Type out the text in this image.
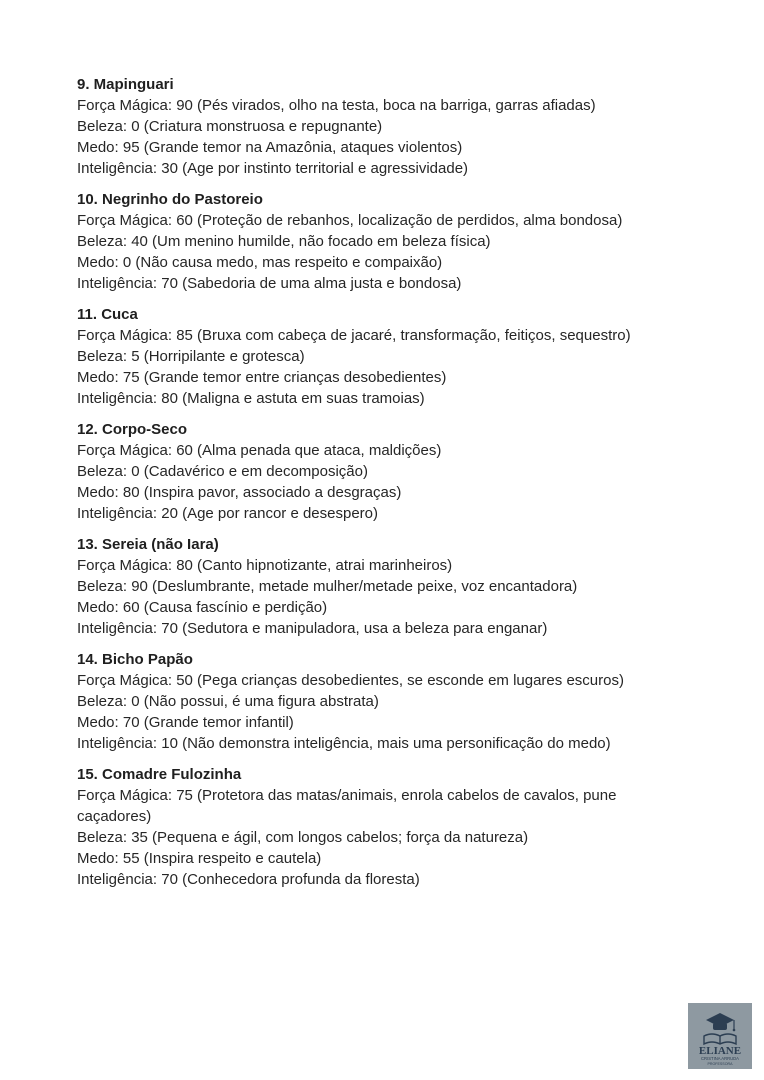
9. Mapinguari
Força Mágica: 90 (Pés virados, olho na testa, boca na barriga, garras afiadas)
Beleza: 0 (Criatura monstruosa e repugnante)
Medo: 95 (Grande temor na Amazônia, ataques violentos)
Inteligência: 30 (Age por instinto territorial e agressividade)
10. Negrinho do Pastoreio
Força Mágica: 60 (Proteção de rebanhos, localização de perdidos, alma bondosa)
Beleza: 40 (Um menino humilde, não focado em beleza física)
Medo: 0 (Não causa medo, mas respeito e compaixão)
Inteligência: 70 (Sabedoria de uma alma justa e bondosa)
11. Cuca
Força Mágica: 85 (Bruxa com cabeça de jacaré, transformação, feitiços, sequestro)
Beleza: 5 (Horripilante e grotesca)
Medo: 75 (Grande temor entre crianças desobedientes)
Inteligência: 80 (Maligna e astuta em suas tramoias)
12. Corpo-Seco
Força Mágica: 60 (Alma penada que ataca, maldições)
Beleza: 0 (Cadavérico e em decomposição)
Medo: 80 (Inspira pavor, associado a desgraças)
Inteligência: 20 (Age por rancor e desespero)
13. Sereia (não Iara)
Força Mágica: 80 (Canto hipnotizante, atrai marinheiros)
Beleza: 90 (Deslumbrante, metade mulher/metade peixe, voz encantadora)
Medo: 60 (Causa fascínio e perdição)
Inteligência: 70 (Sedutora e manipuladora, usa a beleza para enganar)
14. Bicho Papão
Força Mágica: 50 (Pega crianças desobedientes, se esconde em lugares escuros)
Beleza: 0 (Não possui, é uma figura abstrata)
Medo: 70 (Grande temor infantil)
Inteligência: 10 (Não demonstra inteligência, mais uma personificação do medo)
15. Comadre Fulozinha
Força Mágica: 75 (Protetora das matas/animais, enrola cabelos de cavalos, pune
caçadores)
Beleza: 35 (Pequena e ágil, com longos cabelos; força da natureza)
Medo: 55 (Inspira respeito e cautela)
Inteligência: 70 (Conhecedora profunda da floresta)
ELIANE
CRISTINA ARRUDA
PROFESSORA
